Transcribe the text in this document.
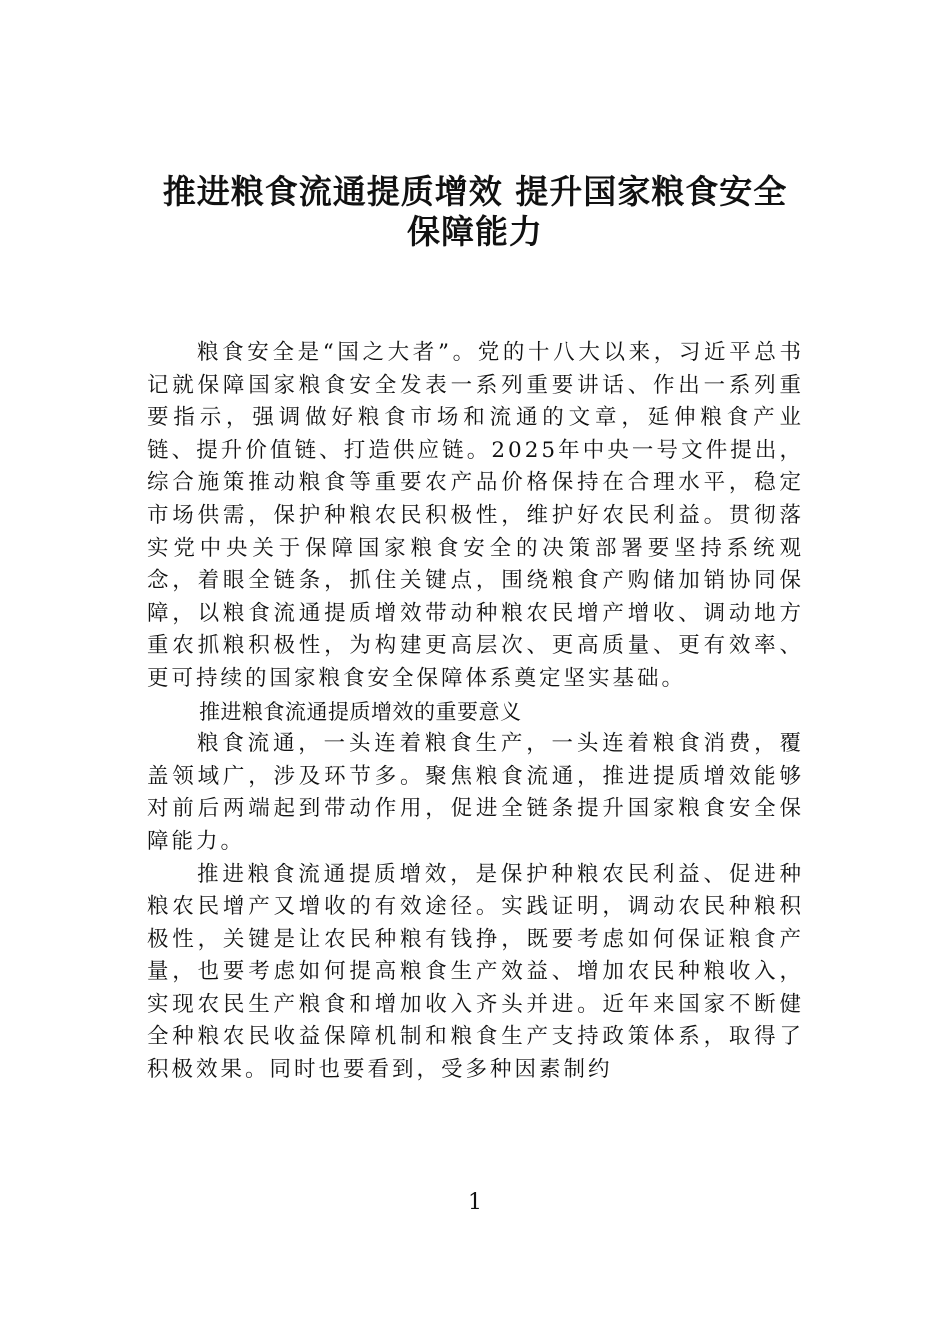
推进粮食流通提质增效 提升国家粮食安全
保障能力

粮食安全是“国之大者”。党的十八大以来，习近平总书记就保障国家粮食安全发表一系列重要讲话、作出一系列重要指示，强调做好粮食市场和流通的文章，延伸粮食产业链、提升价值链、打造供应链。2025年中央一号文件提出，综合施策推动粮食等重要农产品价格保持在合理水平，稳定市场供需，保护种粮农民积极性，维护好农民利益。贯彻落实党中央关于保障国家粮食安全的决策部署要坚持系统观念，着眼全链条，抓住关键点，围绕粮食产购储加销协同保障，以粮食流通提质增效带动种粮农民增产增收、调动地方重农抓粮积极性，为构建更高层次、更高质量、更有效率、更可持续的国家粮食安全保障体系奠定坚实基础。

推进粮食流通提质增效的重要意义

粮食流通，一头连着粮食生产，一头连着粮食消费，覆盖领域广，涉及环节多。聚焦粮食流通，推进提质增效能够对前后两端起到带动作用，促进全链条提升国家粮食安全保障能力。

推进粮食流通提质增效，是保护种粮农民利益、促进种粮农民增产又增收的有效途径。实践证明，调动农民种粮积极性，关键是让农民种粮有钱挣，既要考虑如何保证粮食产量，也要考虑如何提高粮食生产效益、增加农民种粮收入，实现农民生产粮食和增加收入齐头并进。近年来国家不断健全种粮农民收益保障机制和粮食生产支持政策体系，取得了积极效果。同时也要看到，受多种因素制约

1
